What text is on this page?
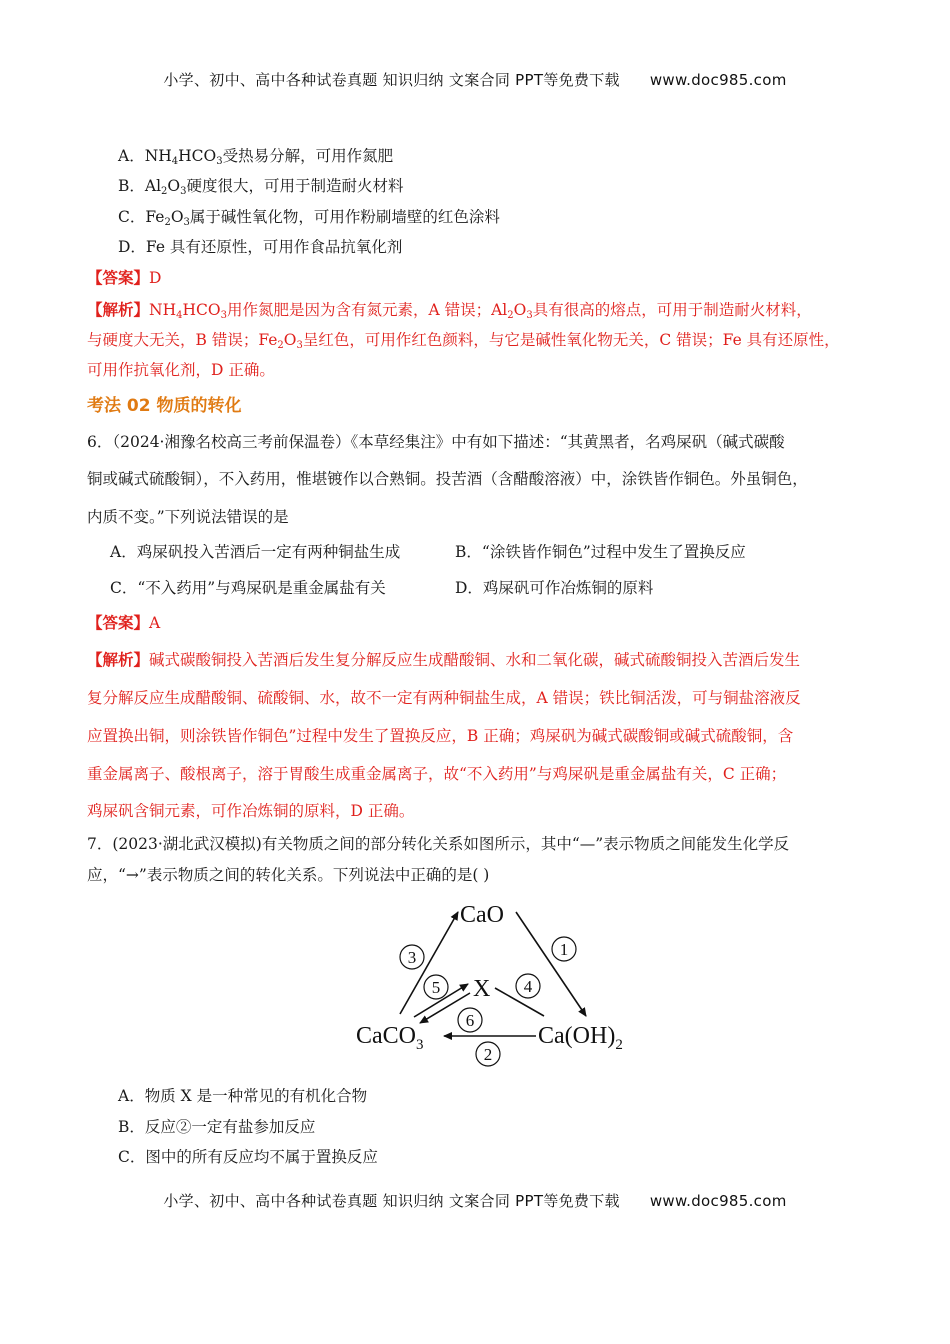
小学、初中、高中各种试卷真题 知识归纳 文案合同 PPT等免费下载 www.doc985.com
A．$NH_4HCO_3$受热易分解，可用作氮肥
B．$Al_2O_3$硬度很大，可用于制造耐火材料
C．$Fe_2O_3$属于碱性氧化物，可用作粉刷墙壁的红色涂料
D．Fe 具有还原性，可用作食品抗氧化剂
【答案】D
【解析】$NH_4HCO_3$用作氮肥是因为含有氮元素，A 错误；$Al_2O_3$具有很高的熔点，可用于制造耐火材料，
与硬度大无关，B 错误；$Fe_2O_3$呈红色，可用作红色颜料，与它是碱性氧化物无关，C 错误；Fe 具有还原性，
可用作抗氧化剂，D 正确。
考法 02 物质的转化
6．（2024·湘豫名校高三考前保温卷）《本草经集注》中有如下描述：“其黄黑者，名鸡屎矾（碱式碳酸
铜或碱式硫酸铜），不入药用，惟堪镀作以合熟铜。投苦酒（含醋酸溶液）中，涂铁皆作铜色。外虽铜色，
内质不变。”下列说法错误的是
A．鸡屎矾投入苦酒后一定有两种铜盐生成	B．“涂铁皆作铜色”过程中发生了置换反应
C．“不入药用”与鸡屎矾是重金属盐有关	D．鸡屎矾可作冶炼铜的原料
【答案】A
【解析】碱式碳酸铜投入苦酒后发生复分解反应生成醋酸铜、水和二氧化碳，碱式硫酸铜投入苦酒后发生
复分解反应生成醋酸铜、硫酸铜、水，故不一定有两种铜盐生成，A 错误；铁比铜活泼，可与铜盐溶液反
应置换出铜，则涂铁皆作铜色”过程中发生了置换反应，B 正确；鸡屎矾为碱式碳酸铜或碱式硫酸铜，含
重金属离子、酸根离子，溶于胃酸生成重金属离子，故“不入药用”与鸡屎矾是重金属盐有关，C 正确；
鸡屎矾含铜元素，可作冶炼铜的原料，D 正确。
7．(2023·湖北武汉模拟)有关物质之间的部分转化关系如图所示，其中“—”表示物质之间能发生化学反
应，“→”表示物质之间的转化关系。下列说法中正确的是( )
CaO
X
CaCO$_3$	$Ca(OH)_2$
3	1
4
5
6
2
A．物质 X 是一种常见的有机化合物
B．反应②一定有盐参加反应
C．图中的所有反应均不属于置换反应
小学、初中、高中各种试卷真题 知识归纳 文案合同 PPT等免费下载 www.doc985.com
